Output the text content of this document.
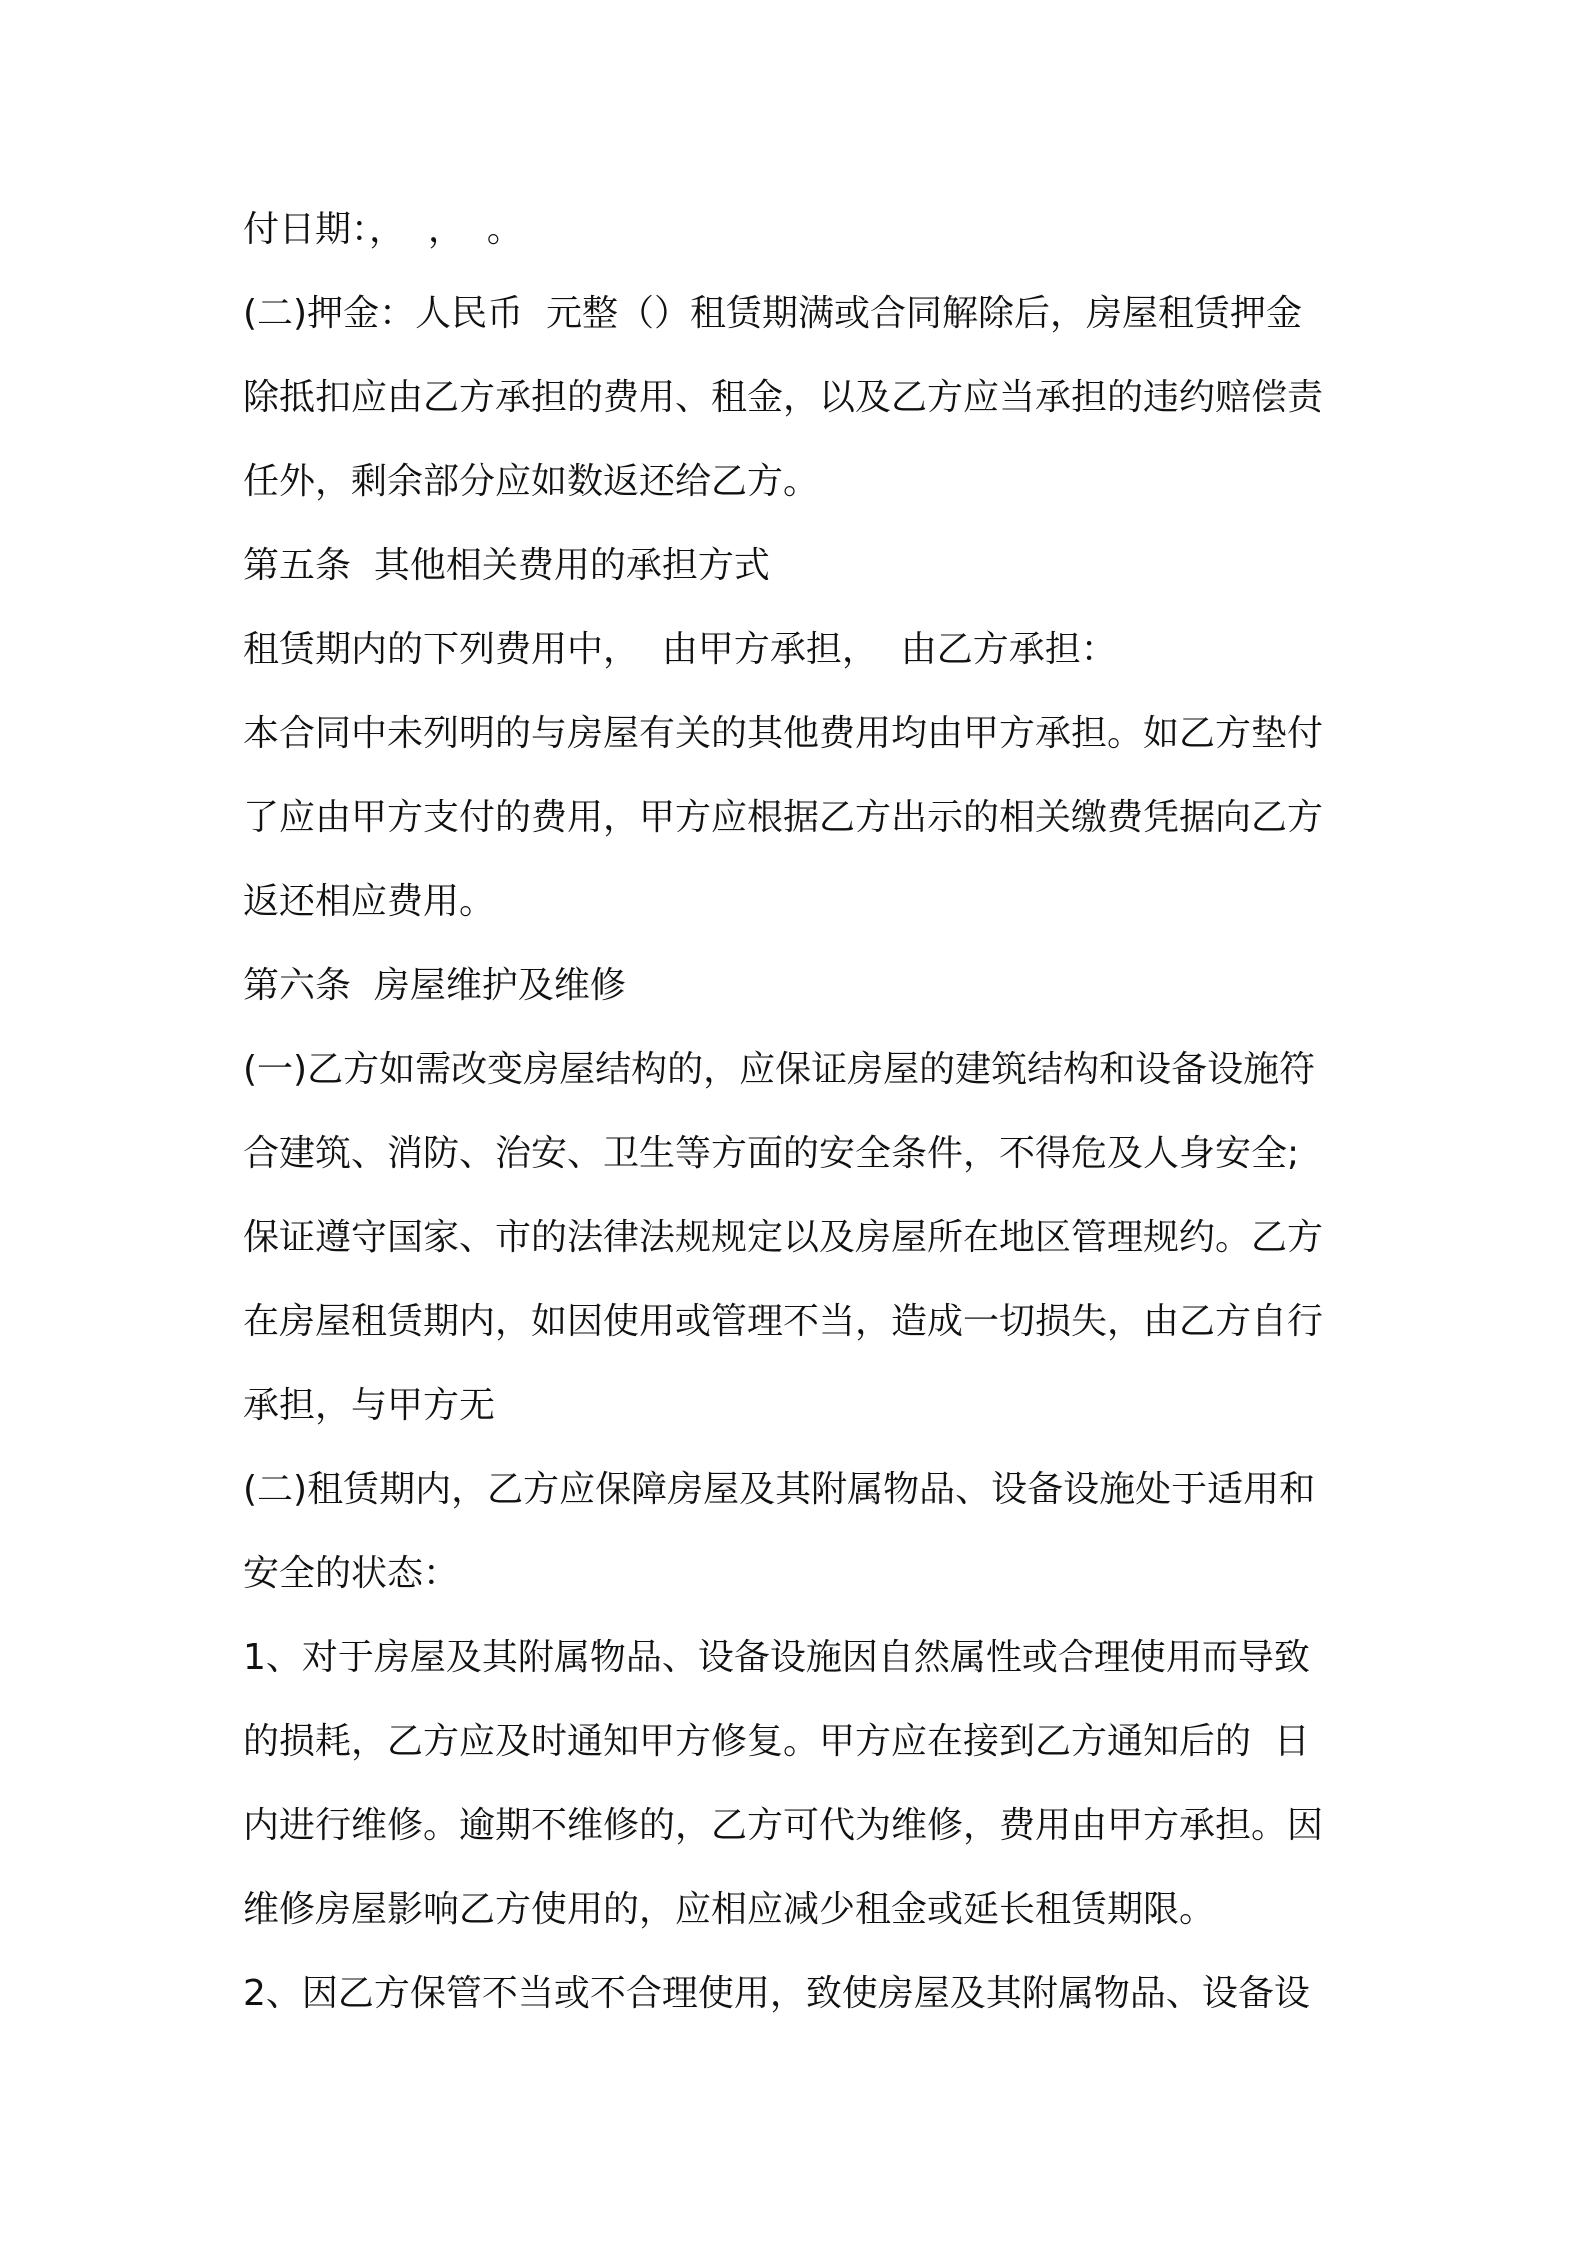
付日期：，  ，  。
(二)押金：人民币  元整（）租赁期满或合同解除后，房屋租赁押金
除抵扣应由乙方承担的费用、租金，以及乙方应当承担的违约赔偿责
任外，剩余部分应如数返还给乙方。
第五条  其他相关费用的承担方式
租赁期内的下列费用中，  由甲方承担，  由乙方承担：
本合同中未列明的与房屋有关的其他费用均由甲方承担。如乙方垫付
了应由甲方支付的费用，甲方应根据乙方出示的相关缴费凭据向乙方
返还相应费用。
第六条  房屋维护及维修
(一)乙方如需改变房屋结构的，应保证房屋的建筑结构和设备设施符
合建筑、消防、治安、卫生等方面的安全条件，不得危及人身安全;
保证遵守国家、市的法律法规规定以及房屋所在地区管理规约。乙方
在房屋租赁期内，如因使用或管理不当，造成一切损失，由乙方自行
承担，与甲方无
(二)租赁期内，乙方应保障房屋及其附属物品、设备设施处于适用和
安全的状态：
1、对于房屋及其附属物品、设备设施因自然属性或合理使用而导致
的损耗，乙方应及时通知甲方修复。甲方应在接到乙方通知后的  日
内进行维修。逾期不维修的，乙方可代为维修，费用由甲方承担。因
维修房屋影响乙方使用的，应相应减少租金或延长租赁期限。
2、因乙方保管不当或不合理使用，致使房屋及其附属物品、设备设
